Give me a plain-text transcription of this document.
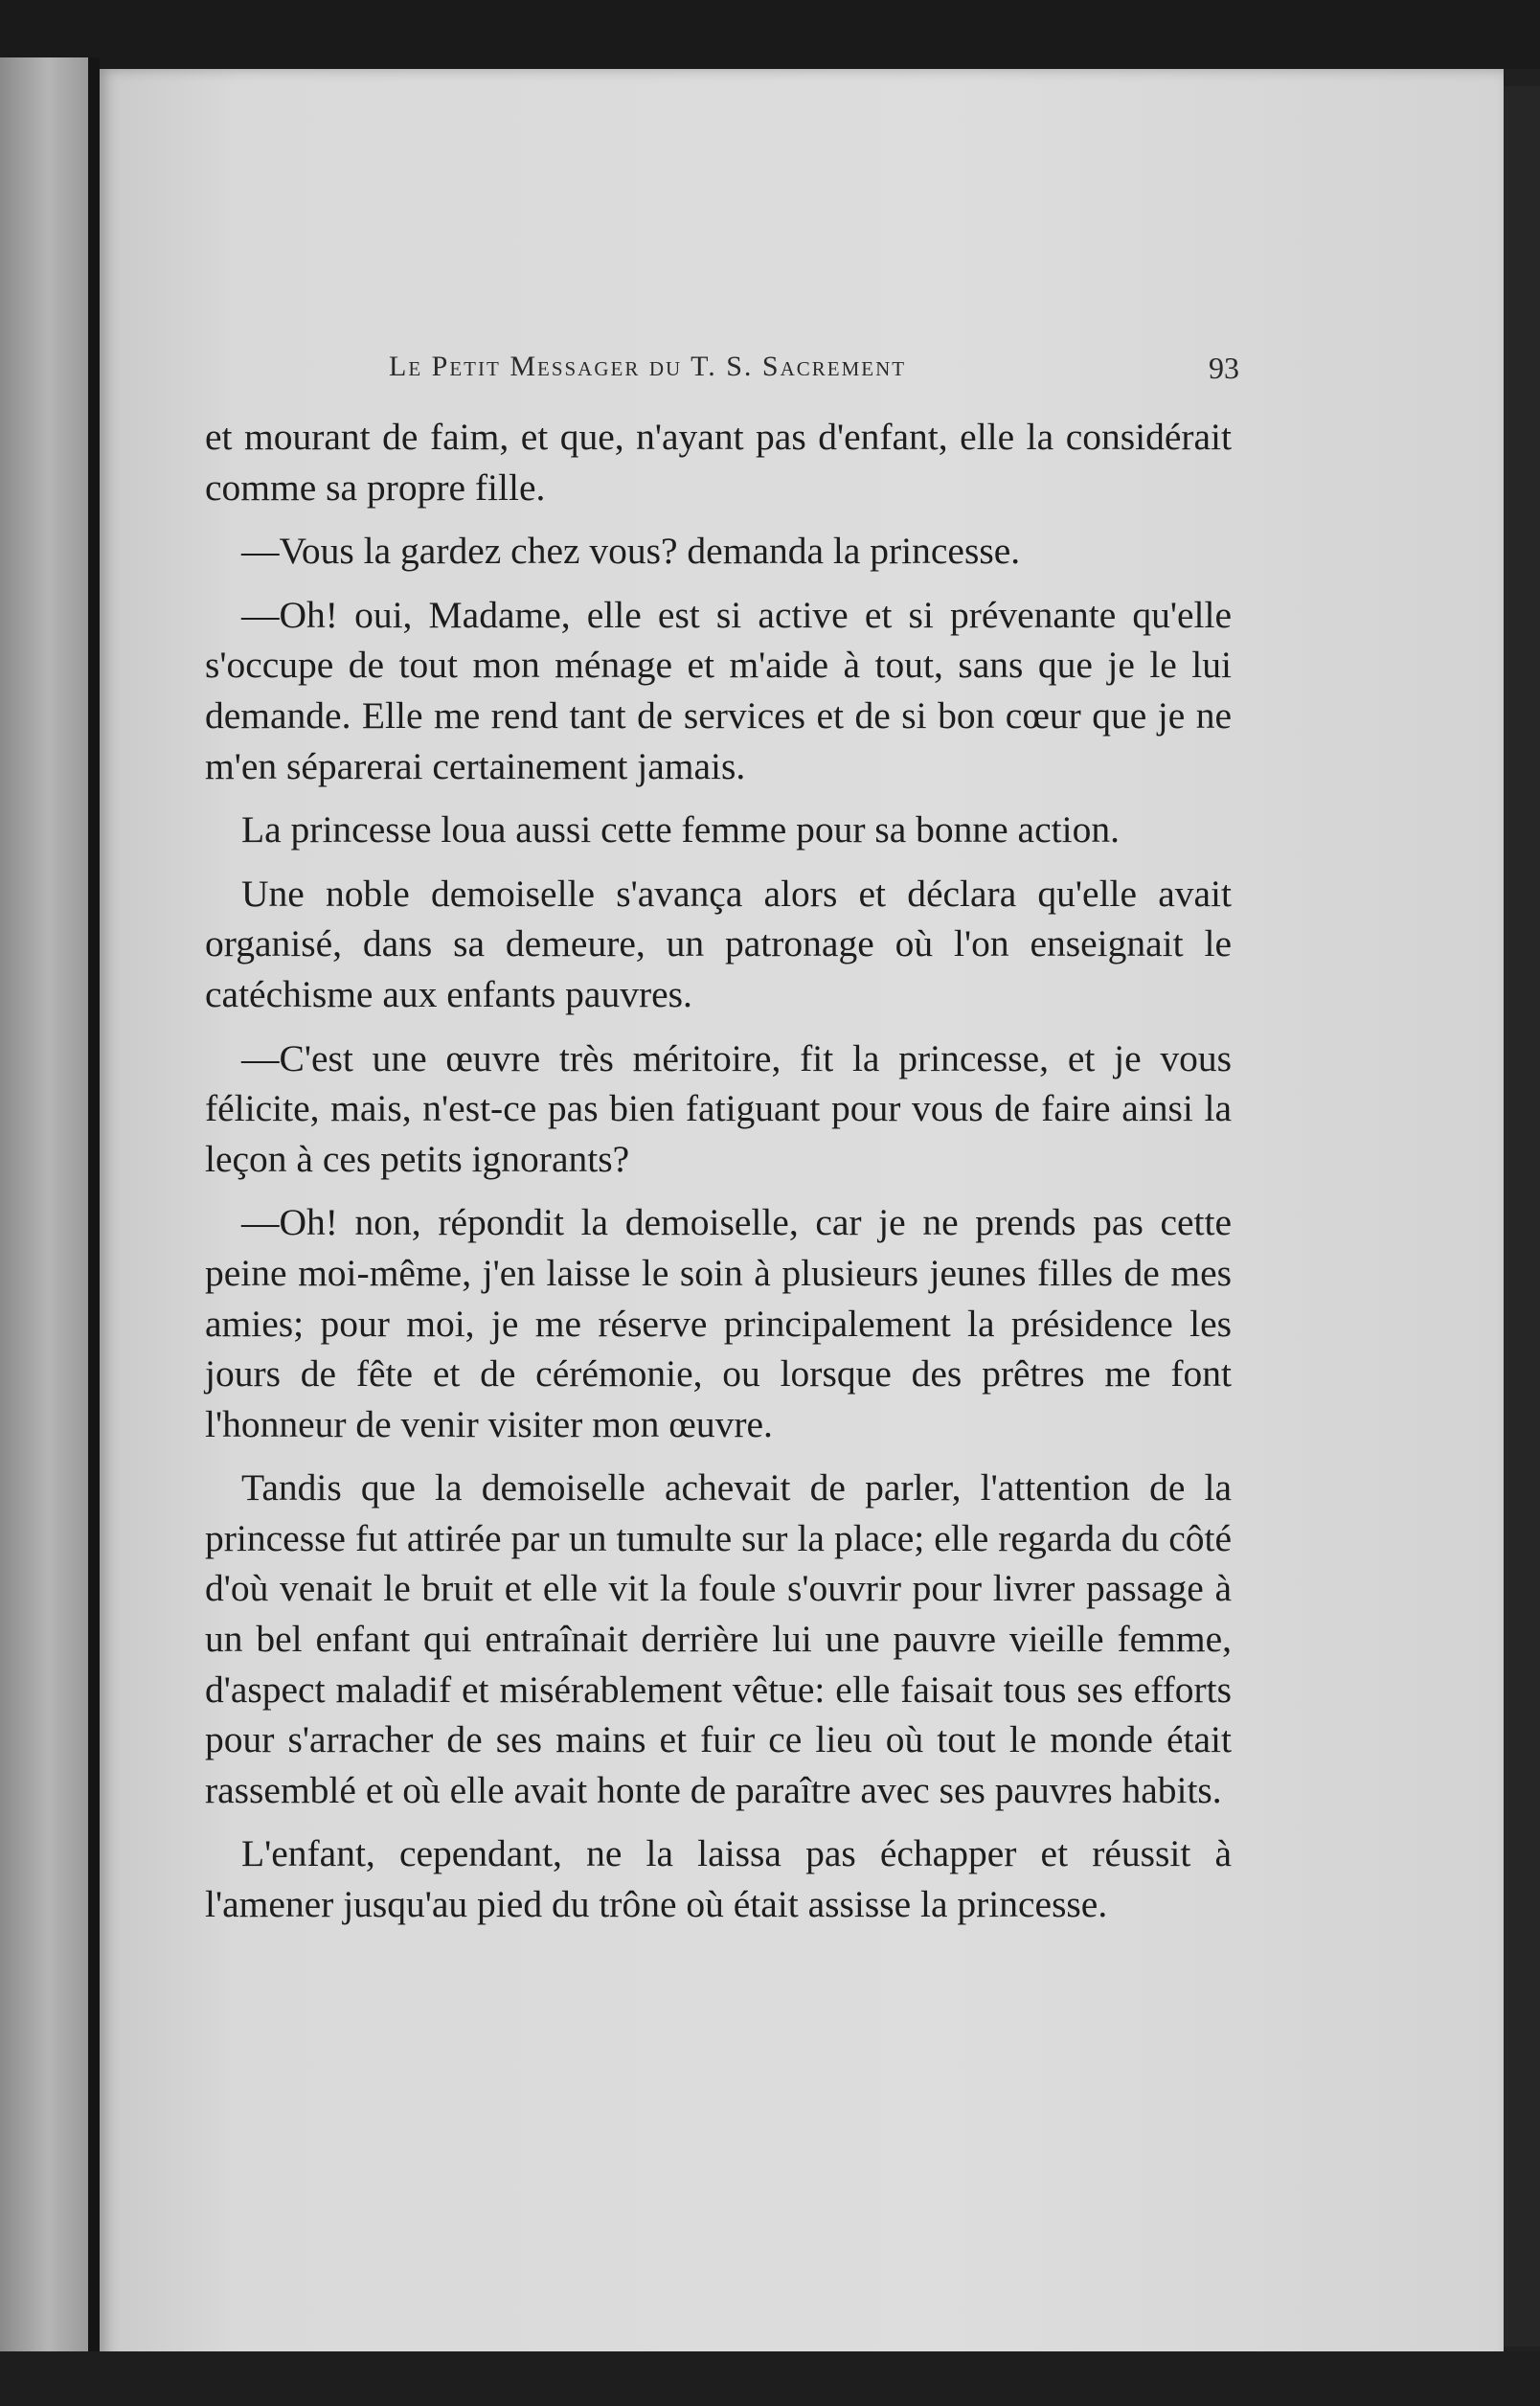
Le Petit Messager du T. S. Sacrement	93

et mourant de faim, et que, n'ayant pas d'enfant, elle la considérait comme sa propre fille.

—Vous la gardez chez vous? demanda la princesse.

—Oh! oui, Madame, elle est si active et si prévenante qu'elle s'occupe de tout mon ménage et m'aide à tout, sans que je le lui demande. Elle me rend tant de services et de si bon cœur que je ne m'en séparerai certainement jamais.

La princesse loua aussi cette femme pour sa bonne action.

Une noble demoiselle s'avança alors et déclara qu'elle avait organisé, dans sa demeure, un patronage où l'on enseignait le catéchisme aux enfants pauvres.

—C'est une œuvre très méritoire, fit la princesse, et je vous félicite, mais, n'est-ce pas bien fatiguant pour vous de faire ainsi la leçon à ces petits ignorants?

—Oh! non, répondit la demoiselle, car je ne prends pas cette peine moi-même, j'en laisse le soin à plusieurs jeunes filles de mes amies; pour moi, je me réserve principalement la présidence les jours de fête et de cérémonie, ou lorsque des prêtres me font l'honneur de venir visiter mon œuvre.

Tandis que la demoiselle achevait de parler, l'attention de la princesse fut attirée par un tumulte sur la place; elle regarda du côté d'où venait le bruit et elle vit la foule s'ouvrir pour livrer passage à un bel enfant qui entraînait derrière lui une pauvre vieille femme, d'aspect maladif et misérablement vêtue: elle faisait tous ses efforts pour s'arracher de ses mains et fuir ce lieu où tout le monde était rassemblé et où elle avait honte de paraître avec ses pauvres habits.

L'enfant, cependant, ne la laissa pas échapper et réussit à l'amener jusqu'au pied du trône où était assisse la princesse.
